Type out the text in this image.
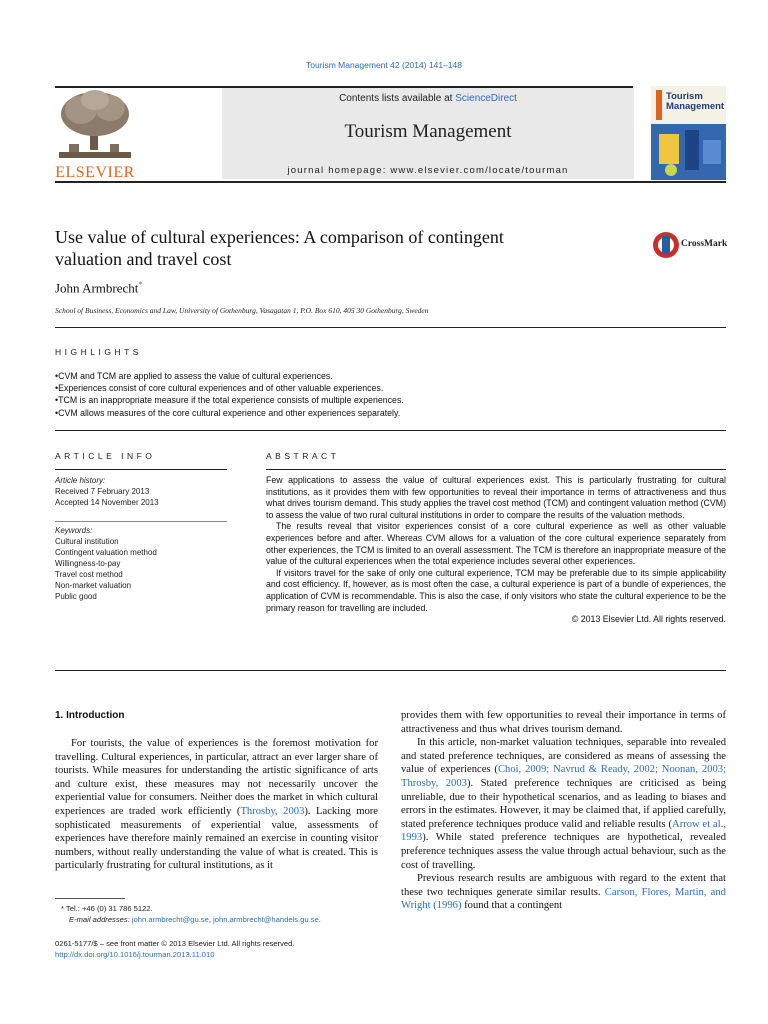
Tourism Management 42 (2014) 141–148
Contents lists available at ScienceDirect
Tourism Management
journal homepage: www.elsevier.com/locate/tourman
ELSEVIER
Tourism
Management
Use value of cultural experiences: A comparison of contingent
valuation and travel cost
CrossMark
John Armbrecht*
School of Business, Economics and Law, University of Gothenburg, Vasagatan 1, P.O. Box 610, 405 30 Gothenburg, Sweden
HIGHLIGHTS
• CVM and TCM are applied to assess the value of cultural experiences.
• Experiences consist of core cultural experiences and of other valuable experiences.
• TCM is an inappropriate measure if the total experience consists of multiple experiences.
• CVM allows measures of the core cultural experience and other experiences separately.
ARTICLE INFO
Article history:
Received 7 February 2013
Accepted 14 November 2013
Keywords:
Cultural institution
Contingent valuation method
Willingness-to-pay
Travel cost method
Non-market valuation
Public good
ABSTRACT

Few applications to assess the value of cultural experiences exist. This is particularly frustrating for cultural institutions, as it provides them with few opportunities to reveal their importance in terms of attractiveness and thus what drives tourism demand. This study applies the travel cost method (TCM) and contingent valuation method (CVM) to assess the value of two rural cultural institutions in order to compare the results of the valuation methods.

The results reveal that visitor experiences consist of a core cultural experience as well as other valuable experiences before and after. Whereas CVM allows for a valuation of the core cultural experience separately from other experiences, the TCM is limited to an overall assessment. The TCM is therefore an inappropriate measure of the value of the cultural experiences when the total experience includes several other experiences.

If visitors travel for the sake of only one cultural experience, TCM may be preferable due to its simple applicability and cost efficiency. If, however, as is most often the case, a cultural experience is part of a bundle of experiences, the application of CVM is recommendable. This is also the case, if only visitors who state the cultural experience to be the primary reason for travelling are included.

© 2013 Elsevier Ltd. All rights reserved.
1. Introduction

For tourists, the value of experiences is the foremost motivation for travelling. Cultural experiences, in particular, attract an ever larger share of tourists. While measures for understanding the artistic significance of arts and culture exist, these measures may not necessarily uncover the experiential value for consumers. Neither does the market in which cultural experiences are traded work efficiently (Throsby, 2003). Lacking more sophisticated measurements of experiential value, assessments of experiences have therefore mainly remained an exercise in counting visitor numbers, without really understanding the value of what is created. This is particularly frustrating for cultural institutions, as it

provides them with few opportunities to reveal their importance in terms of attractiveness and thus what drives tourism demand.

In this article, non-market valuation techniques, separable into revealed and stated preference techniques, are considered as means of assessing the value of experiences (Choi, 2009; Navrud & Ready, 2002; Noonan, 2003; Throsby, 2003). Stated preference techniques are criticised as being unreliable, due to their hypothetical scenarios, and as leading to biases and errors in the estimates. However, it may be claimed that, if applied carefully, stated preference techniques produce valid and reliable results (Arrow et al., 1993). While stated preference techniques are hypothetical, revealed preference techniques assess the value through actual behaviour, such as the cost of travelling.

Previous research results are ambiguous with regard to the extent that these two techniques generate similar results. Carson, Flores, Martin, and Wright (1996) found that a contingent

* Tel.: +46 (0) 31 786 5122.
E-mail addresses: john.armbrecht@gu.se, john.armbrecht@handels.gu.se.
0261-5177/$ – see front matter © 2013 Elsevier Ltd. All rights reserved.
http://dx.doi.org/10.1016/j.tourman.2013.11.010
